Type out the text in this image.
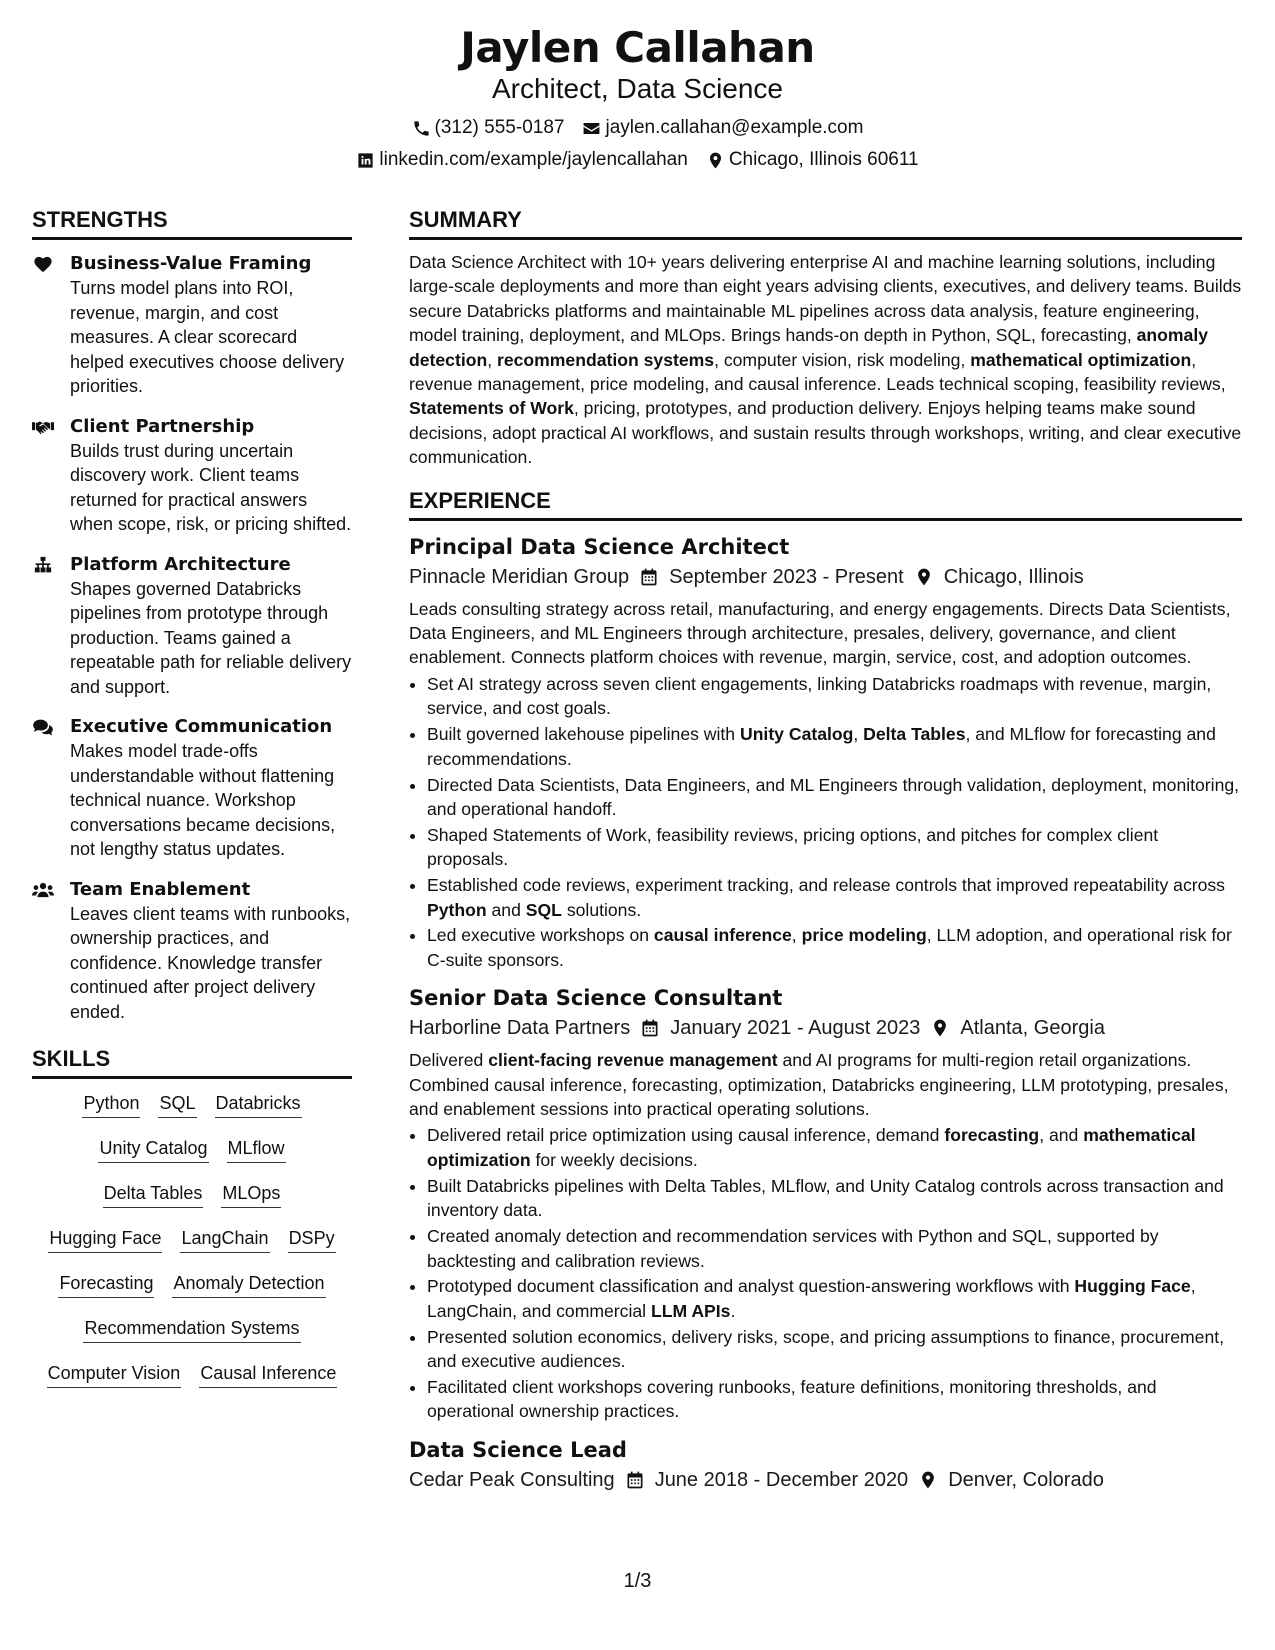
Jaylen Callahan
Architect, Data Science
(312) 555-0187 jaylen.callahan@example.com
linkedin.com/example/jaylencallahan Chicago, Illinois 60611
STRENGTHS
Business-Value Framing
Turns model plans into ROI, revenue, margin, and cost measures. A clear scorecard helped executives choose delivery priorities.
Client Partnership
Builds trust during uncertain discovery work. Client teams returned for practical answers when scope, risk, or pricing shifted.
Platform Architecture
Shapes governed Databricks pipelines from prototype through production. Teams gained a repeatable path for reliable delivery and support.
Executive Communication
Makes model trade-offs understandable without flattening technical nuance. Workshop conversations became decisions, not lengthy status updates.
Team Enablement
Leaves client teams with runbooks, ownership practices, and confidence. Knowledge transfer continued after project delivery ended.
SKILLS
Python SQL Databricks
Unity Catalog MLflow
Delta Tables MLOps
Hugging Face LangChain DSPy
Forecasting Anomaly Detection
Recommendation Systems
Computer Vision Causal Inference
SUMMARY
Data Science Architect with 10+ years delivering enterprise AI and machine learning solutions, including large-scale deployments and more than eight years advising clients, executives, and delivery teams. Builds secure Databricks platforms and maintainable ML pipelines across data analysis, feature engineering, model training, deployment, and MLOps. Brings hands-on depth in Python, SQL, forecasting, anomaly detection, recommendation systems, computer vision, risk modeling, mathematical optimization, revenue management, price modeling, and causal inference. Leads technical scoping, feasibility reviews, Statements of Work, pricing, prototypes, and production delivery. Enjoys helping teams make sound decisions, adopt practical AI workflows, and sustain results through workshops, writing, and clear executive communication.
EXPERIENCE
Principal Data Science Architect
Pinnacle Meridian Group September 2023 - Present Chicago, Illinois
Leads consulting strategy across retail, manufacturing, and energy engagements. Directs Data Scientists, Data Engineers, and ML Engineers through architecture, presales, delivery, governance, and client enablement. Connects platform choices with revenue, margin, service, cost, and adoption outcomes.
• Set AI strategy across seven client engagements, linking Databricks roadmaps with revenue, margin, service, and cost goals.
• Built governed lakehouse pipelines with Unity Catalog, Delta Tables, and MLflow for forecasting and recommendations.
• Directed Data Scientists, Data Engineers, and ML Engineers through validation, deployment, monitoring, and operational handoff.
• Shaped Statements of Work, feasibility reviews, pricing options, and pitches for complex client proposals.
• Established code reviews, experiment tracking, and release controls that improved repeatability across Python and SQL solutions.
• Led executive workshops on causal inference, price modeling, LLM adoption, and operational risk for C-suite sponsors.
Senior Data Science Consultant
Harborline Data Partners January 2021 - August 2023 Atlanta, Georgia
Delivered client-facing revenue management and AI programs for multi-region retail organizations. Combined causal inference, forecasting, optimization, Databricks engineering, LLM prototyping, presales, and enablement sessions into practical operating solutions.
• Delivered retail price optimization using causal inference, demand forecasting, and mathematical optimization for weekly decisions.
• Built Databricks pipelines with Delta Tables, MLflow, and Unity Catalog controls across transaction and inventory data.
• Created anomaly detection and recommendation services with Python and SQL, supported by backtesting and calibration reviews.
• Prototyped document classification and analyst question-answering workflows with Hugging Face, LangChain, and commercial LLM APIs.
• Presented solution economics, delivery risks, scope, and pricing assumptions to finance, procurement, and executive audiences.
• Facilitated client workshops covering runbooks, feature definitions, monitoring thresholds, and operational ownership practices.
Data Science Lead
Cedar Peak Consulting June 2018 - December 2020 Denver, Colorado
1/3
